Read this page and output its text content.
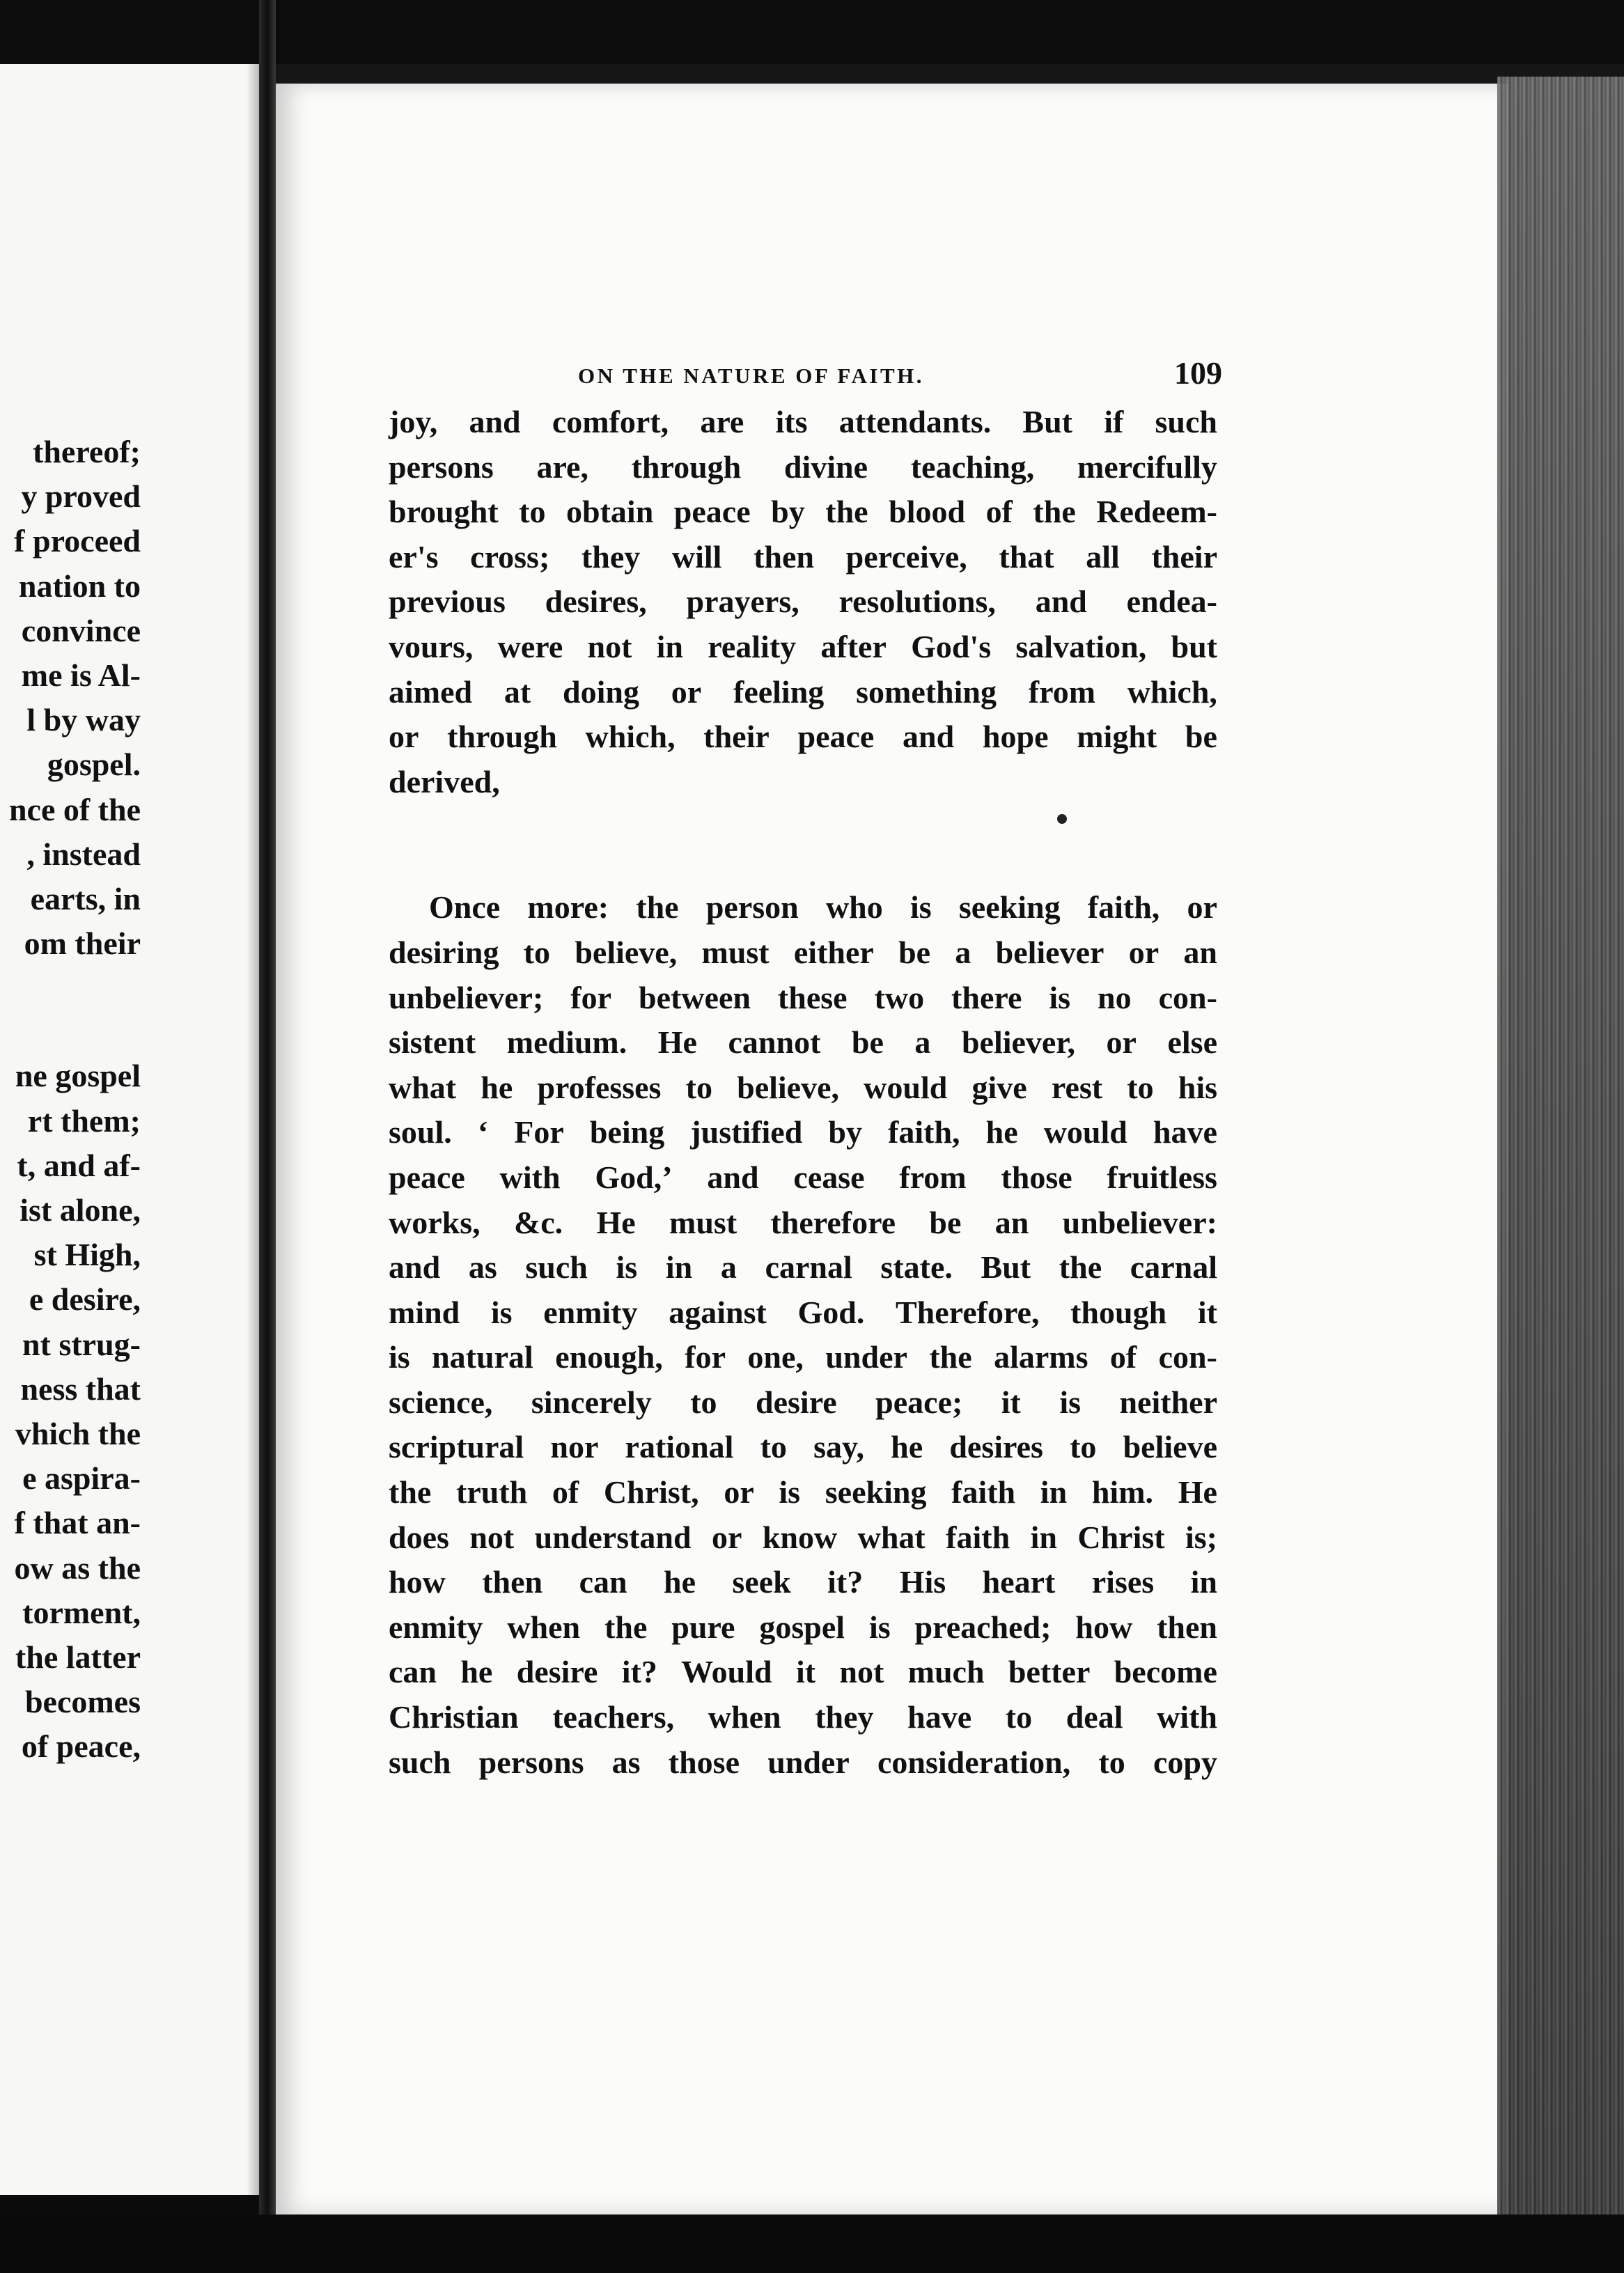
thereof;
y proved
f proceed
nation to
convince
me is Al-
l by way
gospel.
nce of the
, instead
earts, in
om their
ne gospel
rt them;
t, and af-
ist alone,
st High,
e desire,
nt strug-
ness that
vhich the
e aspira-
f that an-
ow as the
torment,
the latter
becomes
of peace,
ON THE NATURE OF FAITH.	109
joy, and comfort, are its attendants. But if such
persons are, through divine teaching, mercifully
brought to obtain peace by the blood of the Redeem-
er's cross; they will then perceive, that all their
previous desires, prayers, resolutions, and endea-
vours, were not in reality after God's salvation, but
aimed at doing or feeling something from which,
or through which, their peace and hope might be
derived,
Once more: the person who is seeking faith, or
desiring to believe, must either be a believer or an
unbeliever; for between these two there is no con-
sistent medium. He cannot be a believer, or else
what he professes to believe, would give rest to his
soul. ‘ For being justified by faith, he would have
peace with God,’ and cease from those fruitless
works, &c. He must therefore be an unbeliever:
and as such is in a carnal state. But the carnal
mind is enmity against God. Therefore, though it
is natural enough, for one, under the alarms of con-
science, sincerely to desire peace; it is neither
scriptural nor rational to say, he desires to believe
the truth of Christ, or is seeking faith in him. He
does not understand or know what faith in Christ is;
how then can he seek it? His heart rises in
enmity when the pure gospel is preached; how then
can he desire it? Would it not much better become
Christian teachers, when they have to deal with
such persons as those under consideration, to copy
